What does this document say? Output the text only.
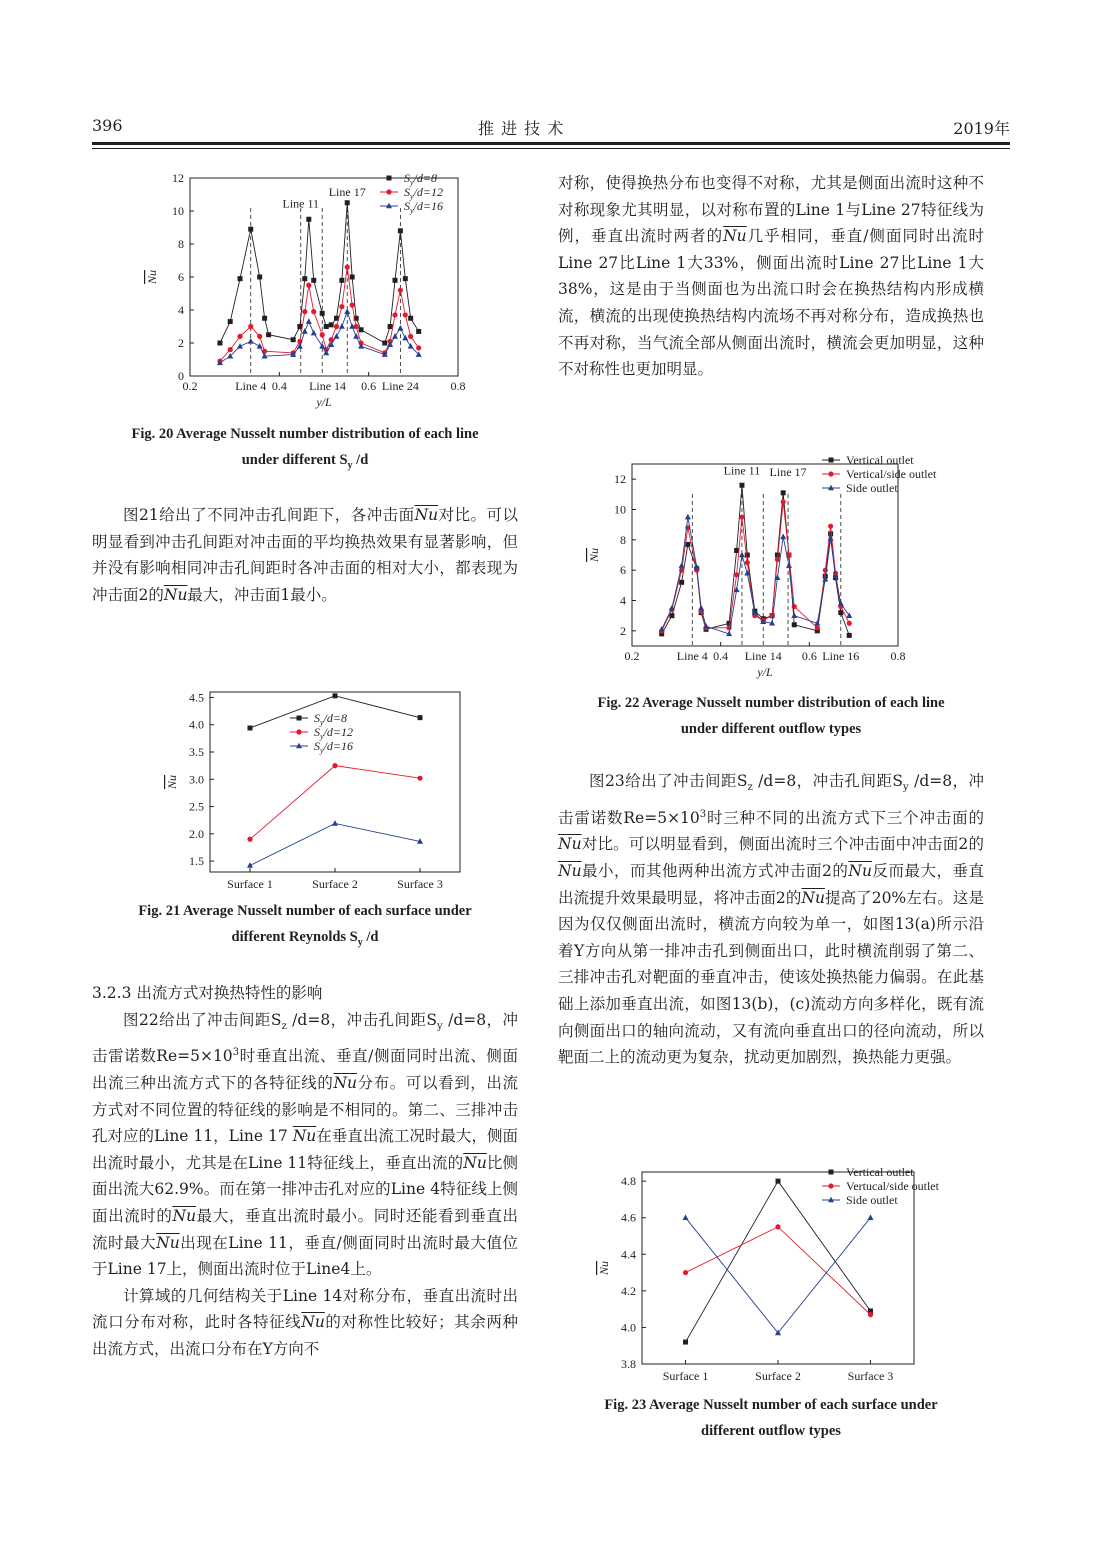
396	推 进 技 术	2019年
0
2
4
6
8
10
12
Nu
0.2	0.4	0.6	0.8
y/L
Line 4	Line 14	Line 24
Line 11
Line 17
$S_y/d=8$
$S_y/d=12$
$S_y/d=16$
Fig. 20 Average Nusselt number distribution of each line
under different $S_y$ /d

图21给出了不同冲击孔间距下，各冲击面$\overline{Nu}$对比。可以明显看到冲击孔间距对冲击面的平均换热效果有显著影响，但并没有影响相同冲击孔间距时各冲击面的相对大小，都表现为冲击面2的$\overline{Nu}$最大，冲击面1最小。

1.5
2.0
2.5
3.0
3.5
4.0
4.5
Nu
Surface 1	Surface 2	Surface 3
$S_y/d=8$
$S_y/d=12$
$S_y/d=16$
Fig. 21 Average Nusselt number of each surface under
different Reynolds $S_y$ /d

3.2.3 出流方式对换热特性的影响

图22给出了冲击间距$S_z$ /d=8，冲击孔间距$S_y$ /d=8，冲击雷诺数$Re=5\times 10^3$时垂直出流、垂直/侧面同时出流、侧面出流三种出流方式下的各特征线的$\overline{Nu}$分布。可以看到，出流方式对不同位置的特征线的影响是不相同的。第二、三排冲击孔对应的Line 11，Line 17 $\overline{Nu}$在垂直出流工况时最大，侧面出流时最小，尤其是在Line 11特征线上，垂直出流的$\overline{Nu}$比侧面出流大62.9%。而在第一排冲击孔对应的Line 4特征线上侧面出流时的$\overline{Nu}$最大，垂直出流时最小。同时还能看到垂直出流时最大$\overline{Nu}$出现在Line 11，垂直/侧面同时出流时最大值位于Line 17上，侧面出流时位于Line4上。

计算域的几何结构关于Line 14对称分布，垂直出流时出流口分布对称，此时各特征线$\overline{Nu}$的对称性比较好；其余两种出流方式，出流口分布在Y方向不

对称，使得换热分布也变得不对称，尤其是侧面出流时这种不对称现象尤其明显，以对称布置的Line 1与Line 27特征线为例，垂直出流时两者的$\overline{Nu}$几乎相同，垂直/侧面同时出流时Line 27比Line 1大33%，侧面出流时Line 27比Line 1大38%，这是由于当侧面也为出流口时会在换热结构内形成横流，横流的出现使换热结构内流场不再对称分布，造成换热也不再对称，当气流全部从侧面出流时，横流会更加明显，这种不对称性也更加明显。

2
4
6
8
10
12
Nu
0.2	0.4	0.6	0.8
y/L
Line 4	Line 14	Line 16
Line 11 Line 17
Vertical outlet
Vertical/side outlet
Side outlet
Fig. 22 Average Nusselt number distribution of each line
under different outflow types

图23给出了冲击间距$S_z$ /d=8，冲击孔间距$S_y$ /d=8，冲击雷诺数$Re=5\times 10^3$时三种不同的出流方式下三个冲击面的$\overline{Nu}$对比。可以明显看到，侧面出流时三个冲击面中冲击面2的$\overline{Nu}$最小，而其他两种出流方式冲击面2的$\overline{Nu}$反而最大，垂直出流提升效果最明显，将冲击面2的$\overline{Nu}$提高了20%左右。这是因为仅仅侧面出流时，横流方向较为单一，如图13(a)所示沿着Y方向从第一排冲击孔到侧面出口，此时横流削弱了第二、三排冲击孔对靶面的垂直冲击，使该处换热能力偏弱。在此基础上添加垂直出流，如图13(b)，(c)流动方向多样化，既有流向侧面出口的轴向流动，又有流向垂直出口的径向流动，所以靶面二上的流动更为复杂，扰动更加剧烈，换热能力更强。

3.8
4.0
4.2
4.4
4.6
4.8
Nu
Surface 1	Surface 2	Surface 3
Vertical outlet
Vertucal/side outlet
Side outlet
Fig. 23 Average Nusselt number of each surface under
different outflow types
